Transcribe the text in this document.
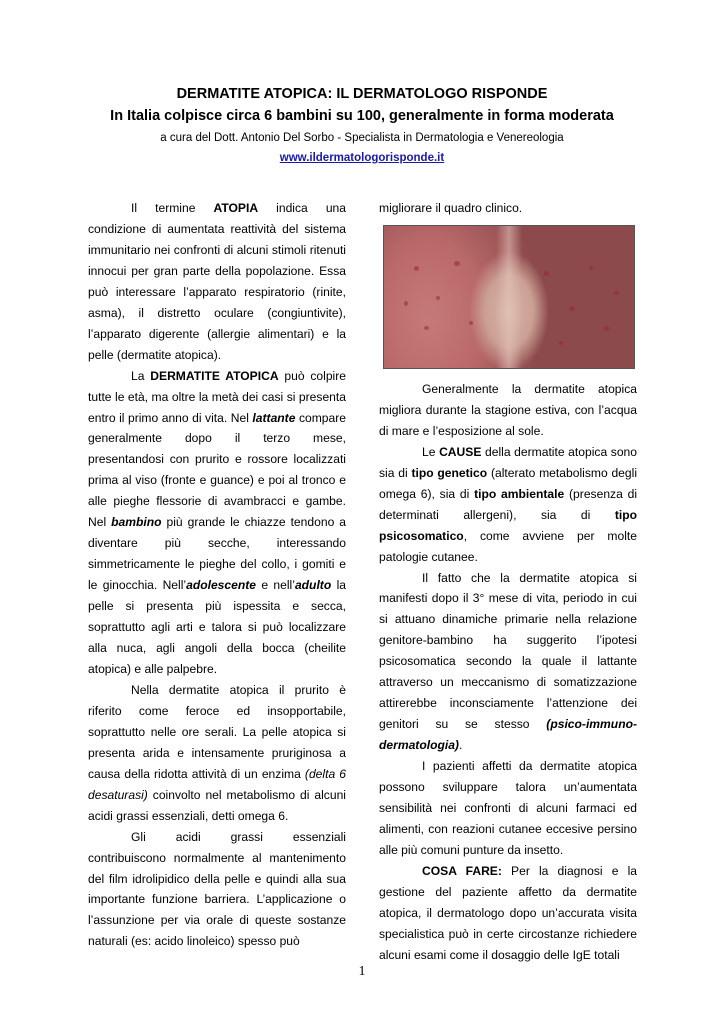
DERMATITE ATOPICA: IL DERMATOLOGO RISPONDE

In Italia colpisce circa 6 bambini su 100, generalmente in forma moderata

a cura del Dott. Antonio Del Sorbo - Specialista in Dermatologia e Venereologia

www.ildermatologorisponde.it

Il termine ATOPIA indica una condizione di aumentata reattività del sistema immunitario nei confronti di alcuni stimoli ritenuti innocui per gran parte della popolazione. Essa può interessare l’apparato respiratorio (rinite, asma), il distretto oculare (congiuntivite), l’apparato digerente (allergie alimentari) e la pelle (dermatite atopica).

La DERMATITE ATOPICA può colpire tutte le età, ma oltre la metà dei casi si presenta entro il primo anno di vita. Nel lattante compare generalmente dopo il terzo mese, presentandosi con prurito e rossore localizzati prima al viso (fronte e guance) e poi al tronco e alle pieghe flessorie di avambracci e gambe. Nel bambino più grande le chiazze tendono a diventare più secche, interessando simmetricamente le pieghe del collo, i gomiti e le ginocchia. Nell’adolescente e nell’adulto la pelle si presenta più ispessita e secca, soprattutto agli arti e talora si può localizzare alla nuca, agli angoli della bocca (cheilite atopica) e alle palpebre.

Nella dermatite atopica il prurito è riferito come feroce ed insopportabile, soprattutto nelle ore serali. La pelle atopica si presenta arida e intensamente pruriginosa a causa della ridotta attività di un enzima (delta 6 desaturasi) coinvolto nel metabolismo di alcuni acidi grassi essenziali, detti omega 6.

Gli acidi grassi essenziali contribuiscono normalmente al mantenimento del film idrolipidico della pelle e quindi alla sua importante funzione barriera. L’applicazione o l’assunzione per via orale di queste sostanze naturali (es: acido linoleico) spesso può

migliorare il quadro clinico.

Generalmente la dermatite atopica migliora durante la stagione estiva, con l’acqua di mare e l’esposizione al sole.

Le CAUSE della dermatite atopica sono sia di tipo genetico (alterato metabolismo degli omega 6), sia di tipo ambientale (presenza di determinati allergeni), sia di tipo psicosomatico, come avviene per molte patologie cutanee.

Il fatto che la dermatite atopica si manifesti dopo il 3° mese di vita, periodo in cui si attuano dinamiche primarie nella relazione genitore-bambino ha suggerito l’ipotesi psicosomatica secondo la quale il lattante attraverso un meccanismo di somatizzazione attirerebbe inconsciamente l’attenzione dei genitori su se stesso (psico-immuno-dermatologia).

I pazienti affetti da dermatite atopica possono sviluppare talora un’aumentata sensibilità nei confronti di alcuni farmaci ed alimenti, con reazioni cutanee eccesive persino alle più comuni punture da insetto.

COSA FARE: Per la diagnosi e la gestione del paziente affetto da dermatite atopica, il dermatologo dopo un’accurata visita specialistica può in certe circostanze richiedere alcuni esami come il dosaggio delle IgE totali

1
